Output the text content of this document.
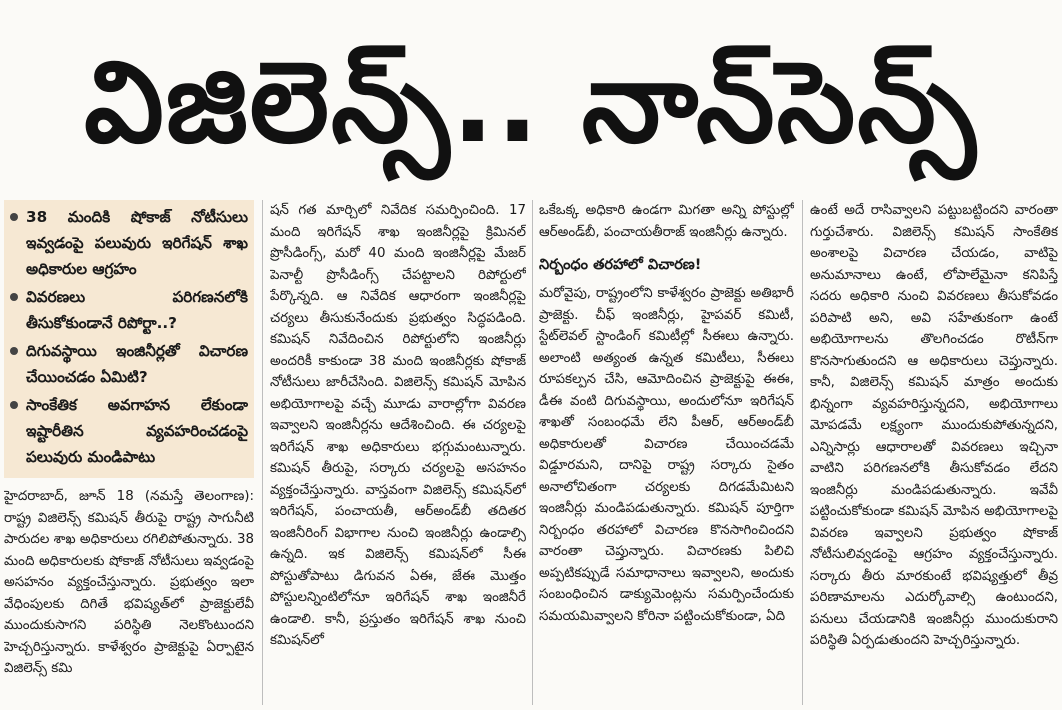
విజిలెన్స్.. నాన్‌సెన్స్
38 మందికి షోకాజ్ నోటీసులు ఇవ్వడంపై పలువురు ఇరిగేషన్ శాఖ అధికారుల ఆగ్రహం
వివరణలు పరిగణనలోకి తీసుకోకుండానే రిపోర్టా..?
దిగువస్థాయి ఇంజినీర్లతో విచారణ చేయించడం ఏమిటి?
సాంకేతిక అవగాహన లేకుండా ఇష్టారీతిన వ్యవహరించడంపై పలువురు మండిపాటు

హైదరాబాద్, జూన్ 18 (నమస్తే తెలంగాణ): రాష్ట్ర విజిలెన్స్ కమిషన్ తీరుపై రాష్ట్ర సాగునీటి పారుదల శాఖ అధికారులు రగిలిపోతున్నారు. 38 మంది అధికారులకు షోకాజ్ నోటీసులు ఇవ్వడంపై అసహనం వ్యక్తంచేస్తున్నారు. ప్రభుత్వం ఇలా వేధింపులకు దిగితే భవిష్యత్‌లో ప్రాజెక్టులేవీ ముందుకుసాగని పరిస్థితి నెలకొంటుందని హెచ్చరిస్తున్నారు. కాళేశ్వరం ప్రాజెక్టుపై ఏర్పాటైన విజిలెన్స్ కమి

షన్ గత మార్చిలో నివేదిక సమర్పించింది. 17 మంది ఇరిగేషన్ శాఖ ఇంజినీర్లపై క్రిమినల్ ప్రొసీడింగ్స్, మరో 40 మంది ఇంజినీర్లపై మేజర్ పెనాల్టీ ప్రొసీడింగ్స్ చేపట్టాలని రిపోర్టులో పేర్కొన్నది. ఆ నివేదిక ఆధారంగా ఇంజినీర్లపై చర్యలు తీసుకునేందుకు ప్రభుత్వం సిద్ధపడింది. కమిషన్ నివేదించిన రిపోర్టులోని ఇంజినీర్లు అందరికీ కాకుండా 38 మంది ఇంజినీర్లకు షోకాజ్ నోటీసులు జారీచేసింది. విజిలెన్స్ కమిషన్ మోపిన అభియోగాలపై వచ్చే మూడు వారాల్లోగా వివరణ ఇవ్వాలని ఇంజినీర్లను ఆదేశించింది. ఈ చర్యలపై ఇరిగేషన్ శాఖ అధికారులు భగ్గుమంటున్నారు. కమిషన్ తీరుపై, సర్కారు చర్యలపై అసహనం వ్యక్తంచేస్తున్నారు. వాస్తవంగా విజిలెన్స్ కమిషన్‌లో ఇరిగేషన్, పంచాయతీ, ఆర్‌అండ్‌బీ తదితర ఇంజినీరింగ్ విభాగాల నుంచి ఇంజినీర్లు ఉండాల్సి ఉన్నది. ఇక విజిలెన్స్ కమిషన్‌లో సీఈ పోస్టుతోపాటు డిగువన ఏఈ, జేఈ మొత్తం పోస్టులన్నింటిలోనూ ఇరిగేషన్ శాఖ ఇంజినీరే ఉండాలి. కానీ, ప్రస్తుతం ఇరిగేషన్ శాఖ నుంచి కమిషన్‌లో

ఒకేఒక్క అధికారి ఉండగా మిగతా అన్ని పోస్టుల్లో ఆర్‌అండ్‌బీ, పంచాయతీరాజ్ ఇంజినీర్లు ఉన్నారు.

నిర్బంధం తరహాలో విచారణ!

మరోవైపు, రాష్ట్రంలోని కాళేశ్వరం ప్రాజెక్టు అతిభారీ ప్రాజెక్టు. చీఫ్ ఇంజినీర్లు, హైపవర్ కమిటీ, స్టేట్‌లెవల్ స్టాండింగ్ కమిటీల్లో సీఈలు ఉన్నారు. అలాంటి అత్యంత ఉన్నత కమిటీలు, సీఈలు రూపకల్పన చేసి, ఆమోదించిన ప్రాజెక్టుపై ఈఈ, డీఈ వంటి దిగువస్థాయి, అందులోనూ ఇరిగేషన్ శాఖతో సంబంధమే లేని పీఆర్, ఆర్‌అండ్‌బీ అధికారులతో విచారణ చేయించడమే విడ్డూరమని, దానిపై రాష్ట్ర సర్కారు సైతం అనాలోచితంగా చర్యలకు దిగడమేమిటని ఇంజినీర్లు మండిపడుతున్నారు. కమిషన్ పూర్తిగా నిర్బంధం తరహాలో విచారణ కొనసాగించిందని వారంతా చెప్తున్నారు. విచారణకు పిలిచి అప్పటికప్పుడే సమాధానాలు ఇవ్వాలని, అందుకు సంబంధించిన డాక్యుమెంట్లను సమర్పించేందుకు సమయమివ్వాలని కోరినా పట్టించుకోకుండా, ఏది

ఉంటే అదే రాసివ్వాలని పట్టుబట్టిందని వారంతా గుర్తుచేశారు. విజిలెన్స్ కమిషన్ సాంకేతిక అంశాలపై విచారణ చేయడం, వాటిపై అనుమానాలు ఉంటే, లోపాలేమైనా కనిపిస్తే సదరు అధికారి నుంచి వివరణలు తీసుకోవడం పరిపాటి అని, అవి సహేతుకంగా ఉంటే అభియోగాలను తొలగించడం రొటీన్‌గా కొనసాగుతుందని ఆ అధికారులు చెప్తున్నారు. కానీ, విజిలెన్స్ కమిషన్ మాత్రం అందుకు భిన్నంగా వ్యవహరిస్తున్నదని, అభియోగాలు మోపడమే లక్ష్యంగా ముందుకుపోతున్నదని, ఎన్నిసార్లు ఆధారాలతో వివరణలు ఇచ్చినా వాటిని పరిగణనలోకి తీసుకోవడం లేదని ఇంజినీర్లు మండిపడుతున్నారు. ఇవేవీ పట్టించుకోకుండా కమిషన్ మోపిన అభియోగాలపై వివరణ ఇవ్వాలని ప్రభుత్వం షోకాజ్ నోటీసులివ్వడంపై ఆగ్రహం వ్యక్తంచేస్తున్నారు. సర్కారు తీరు మారకుంటే భవిష్యత్తులో తీవ్ర పరిణామాలను ఎదుర్కోవాల్సి ఉంటుందని, పనులు చేయడానికి ఇంజినీర్లు ముందుకురాని పరిస్థితి ఏర్పడుతుందని హెచ్చరిస్తున్నారు.
